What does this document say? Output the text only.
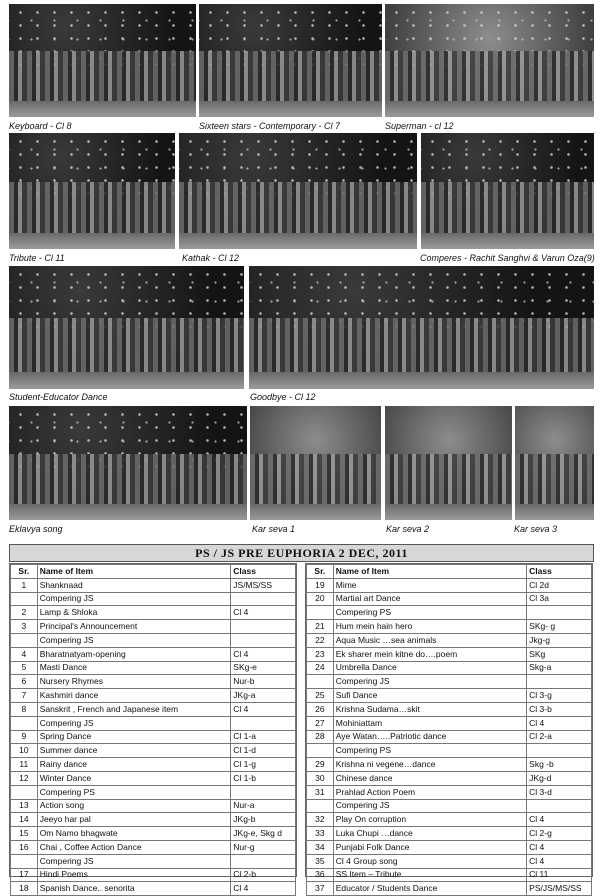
Keyboard - Cl 8	Sixteen stars - Contemporary - Cl 7	Superman - cl 12
Tribute - Cl 11	Kathak - Cl 12	Comperes - Rachit Sanghvi & Varun Oza(9)
Student-Educator Dance	Goodbye - Cl 12
Eklavya song	Kar seva 1	Kar seva 2	Kar seva 3
PS / JS PRE EUPHORIA 2 DEC, 2011
Sr.	Name of Item	Class
1	Shanknaad	JS/MS/SS
	Compering JS	
2	Lamp & Shloka	Cl 4
3	Principal's Announcement	
	Compering JS	
4	Bharatnatyam-opening	Cl 4
5	Masti Dance	SKg-e
6	Nursery Rhymes	Nur-b
7	Kashmiri dance	JKg-a
8	Sanskrit , French and Japanese item	Cl 4
	Compering JS	
9	Spring Dance	Cl 1-a
10	Summer dance	Cl 1-d
11	Rainy dance	Cl 1-g
12	Winter Dance	Cl 1-b
	Compering PS	
13	Action song	Nur-a
14	Jeeyo har pal	JKg-b
15	Om Namo bhagwate	JKg-e, Skg d
16	Chai , Coffee Action Dance	Nur-g
	Compering JS	
17	Hindi Poems	Cl 2-b
18	Spanish Dance.. senorita	Cl 4
Sr.	Name of Item	Class
19	Mime	Cl 2d
20	Martial art Dance	Cl 3a
	Compering PS	
21	Hum mein hain hero	SKg- g
22	Aqua Music …sea animals	Jkg-g
23	Ek sharer mein kitne do….poem	SKg
24	Umbrella Dance	Skg-a
	Compering JS	
25	Sufi Dance	Cl 3-g
26	Krishna Sudama…skit	Cl 3-b
27	Mohiniattam	Cl 4
28	Aye Watan…..Patriotic dance	Cl 2-a
	Compering PS	
29	Krishna ni vegene…dance	Skg -b
30	Chinese dance	JKg-d
31	Prahlad Action Poem	Cl 3-d
	Compering JS	
32	Play On corruption	Cl 4
33	Luka Chupi …dance	Cl 2-g
34	Punjabi Folk Dance	Cl 4
35	Cl 4 Group song	Cl 4
36	SS Item – Tribute	Cl 11
37	Educator / Students Dance	PS/JS/MS/SS
